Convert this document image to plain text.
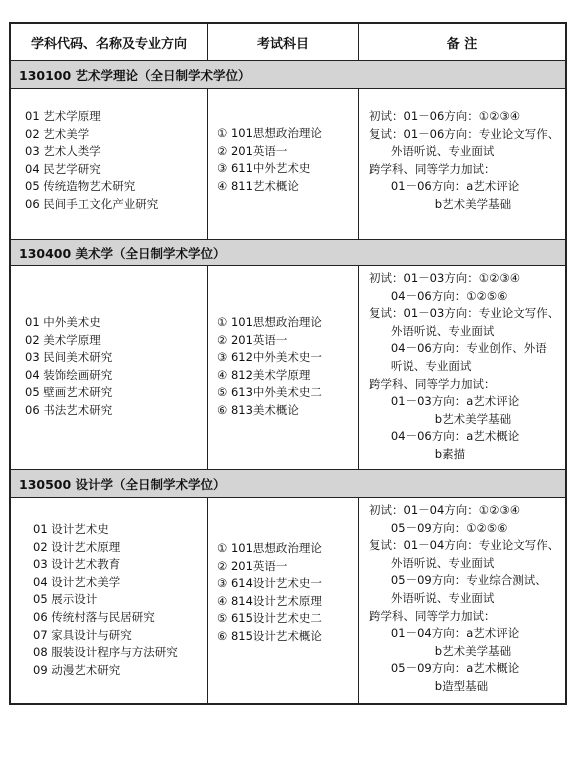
学科代码、名称及专业方向	考试科目	备 注
130100 艺术学理论（全日制学术学位）
01 艺术学原理
02 艺术美学
03 艺术人类学
04 民艺学研究
05 传统造物艺术研究
06 民间手工文化产业研究
① 101思想政治理论
② 201英语一
③ 611中外艺术史
④ 811艺术概论
初试：01－06方向：①②③④
复试：01－06方向：专业论文写作、
外语听说、专业面试
跨学科、同等学力加试：
01－06方向：a艺术评论
b艺术美学基础
130400 美术学（全日制学术学位）
01 中外美术史
02 美术学原理
03 民间美术研究
04 装饰绘画研究
05 壁画艺术研究
06 书法艺术研究
① 101思想政治理论
② 201英语一
③ 612中外美术史一
④ 812美术学原理
⑤ 613中外美术史二
⑥ 813美术概论
初试：01－03方向：①②③④
04－06方向：①②⑤⑥
复试：01－03方向：专业论文写作、
外语听说、专业面试
04－06方向：专业创作、外语
听说、专业面试
跨学科、同等学力加试：
01－03方向：a艺术评论
b艺术美学基础
04－06方向：a艺术概论
b素描
130500 设计学（全日制学术学位）
01 设计艺术史
02 设计艺术原理
03 设计艺术教育
04 设计艺术美学
05 展示设计
06 传统村落与民居研究
07 家具设计与研究
08 服装设计程序与方法研究
09 动漫艺术研究
① 101思想政治理论
② 201英语一
③ 614设计艺术史一
④ 814设计艺术原理
⑤ 615设计艺术史二
⑥ 815设计艺术概论
初试：01－04方向：①②③④
05－09方向：①②⑤⑥
复试：01－04方向：专业论文写作、
外语听说、专业面试
05－09方向：专业综合测试、
外语听说、专业面试
跨学科、同等学力加试：
01－04方向：a艺术评论
b艺术美学基础
05－09方向：a艺术概论
b造型基础
